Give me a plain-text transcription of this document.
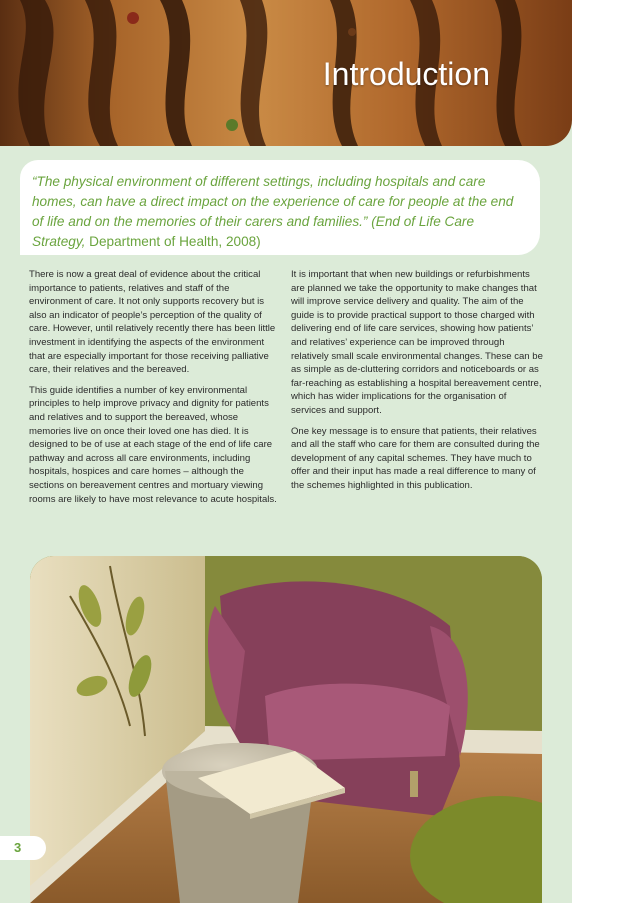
Introduction

“The physical environment of different settings, including hospitals and care homes, can have a direct impact on the experience of care for people at the end of life and on the memories of their carers and families.” (End of Life Care Strategy, Department of Health, 2008)

There is now a great deal of evidence about the critical importance to patients, relatives and staff of the environment of care. It not only supports recovery but is also an indicator of people’s perception of the quality of care. However, until relatively recently there has been little investment in identifying the aspects of the environment that are especially important for those receiving palliative care, their relatives and the bereaved.

This guide identifies a number of key environmental principles to help improve privacy and dignity for patients and relatives and to support the bereaved, whose memories live on once their loved one has died. It is designed to be of use at each stage of the end of life care pathway and across all care environments, including hospitals, hospices and care homes – although the sections on bereavement centres and mortuary viewing rooms are likely to have most relevance to acute hospitals.

It is important that when new buildings or refurbishments are planned we take the opportunity to make changes that will improve service delivery and quality. The aim of the guide is to provide practical support to those charged with delivering end of life care services, showing how patients’ and relatives’ experience can be improved through relatively small scale environmental changes. These can be as simple as de-cluttering corridors and noticeboards or as far-reaching as establishing a hospital bereavement centre, which has wider implications for the organisation of services and support.

One key message is to ensure that patients, their relatives and all the staff who care for them are consulted during the development of any capital schemes. They have much to offer and their input has made a real difference to many of the schemes highlighted in this publication.

3
